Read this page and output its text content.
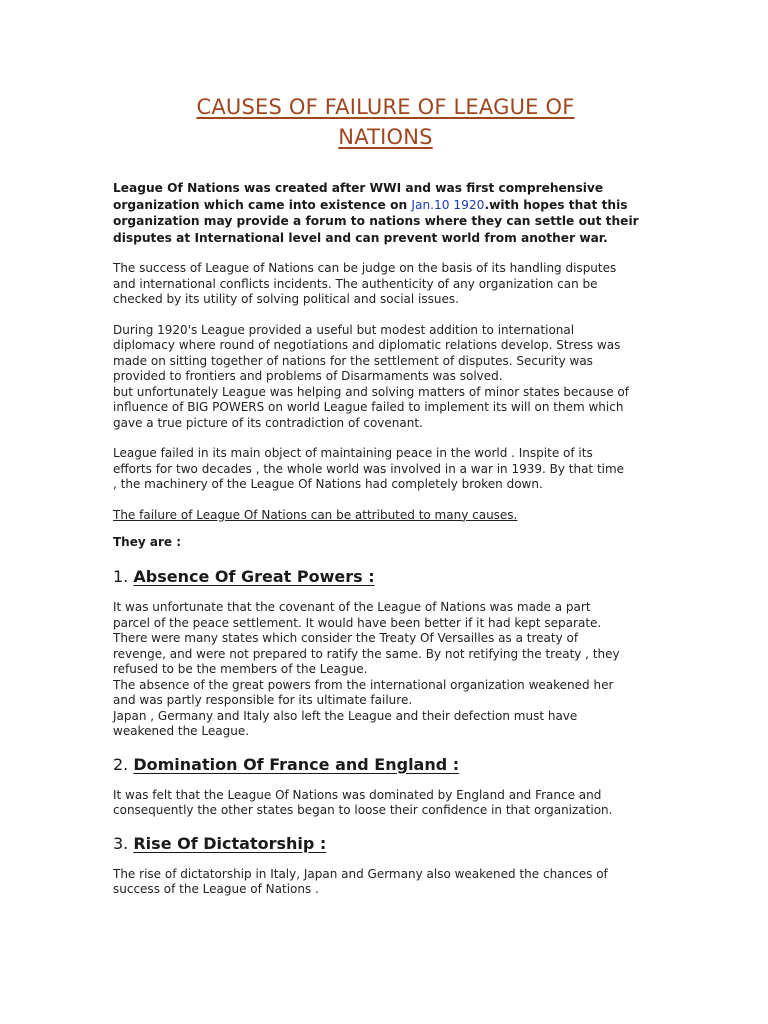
CAUSES OF FAILURE OF LEAGUE OF
NATIONS

League Of Nations was created after WWI and was first comprehensive organization which came into existence on Jan.10 1920.with hopes that this organization may provide a forum to nations where they can settle out their disputes at International level and can prevent world from another war.

The success of League of Nations can be judge on the basis of its handling disputes
and international conflicts incidents. The authenticity of any organization can be
checked by its utility of solving political and social issues.

During 1920's League provided a useful but modest addition to international
diplomacy where round of negotiations and diplomatic relations develop. Stress was
made on sitting together of nations for the settlement of disputes. Security was
provided to frontiers and problems of Disarmaments was solved.
but unfortunately League was helping and solving matters of minor states because of
influence of BIG POWERS on world League failed to implement its will on them which
gave a true picture of its contradiction of covenant.

League failed in its main object of maintaining peace in the world . Inspite of its
efforts for two decades , the whole world was involved in a war in 1939. By that time
, the machinery of the League Of Nations had completely broken down.

The failure of League Of Nations can be attributed to many causes.

They are :

1. Absence Of Great Powers :

It was unfortunate that the covenant of the League of Nations was made a part
parcel of the peace settlement. It would have been better if it had kept separate.
There were many states which consider the Treaty Of Versailles as a treaty of
revenge, and were not prepared to ratify the same. By not retifying the treaty , they
refused to be the members of the League.
The absence of the great powers from the international organization weakened her
and was partly responsible for its ultimate failure.
Japan , Germany and Italy also left the League and their defection must have
weakened the League.

2. Domination Of France and England :

It was felt that the League Of Nations was dominated by England and France and
consequently the other states began to loose their confidence in that organization.

3. Rise Of Dictatorship :

The rise of dictatorship in Italy, Japan and Germany also weakened the chances of
success of the League of Nations .
